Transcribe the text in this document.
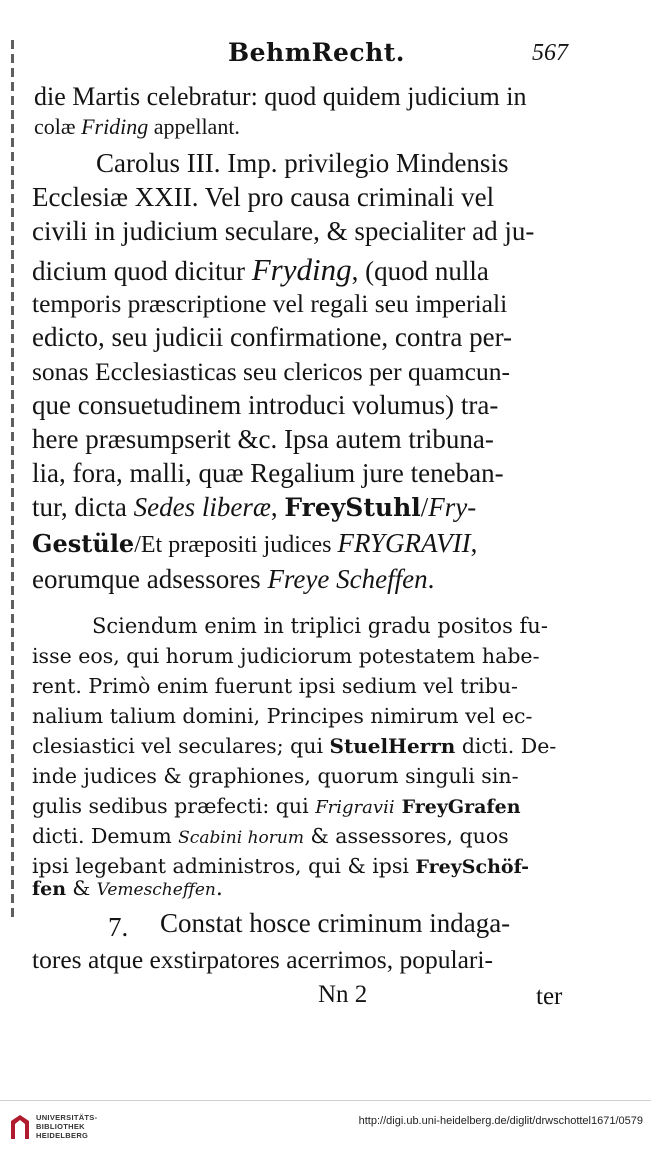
BehmRecht.	567
die Martis celebratur: quod quidem judicium in
colæ Friding appellant.
Carolus III. Imp. privilegio Mindensis
Ecclesiæ XXII. Vel pro causa criminali vel
civili in judicium seculare, & specialiter ad ju-
dicium quod dicitur Fryding, (quod nulla
temporis præscriptione vel regali seu imperiali
edicto, seu judicii confirmatione, contra per-
sonas Ecclesiasticas seu clericos per quamcun-
que consuetudinem introduci volumus) tra-
here præsumpserit &c. Ipsa autem tribuna-
lia, fora, malli, quæ Regalium jure teneban-
tur, dicta Sedes liberæ, FreyStuhl/Fry-
Gestüle/Et præpositi judices FRYGRAVII,
eorumque adsessores Freye Scheffen.
Sciendum enim in triplici gradu positos fu-
isse eos, qui horum judiciorum potestatem habe-
rent. Primò enim fuerunt ipsi sedium vel tribu-
nalium talium domini, Principes nimirum vel ec-
clesiastici vel seculares; qui StuelHerrn dicti. De-
inde judices & graphiones, quorum singuli sin-
gulis sedibus præfecti: qui Frigravii FreyGrafen
dicti. Demum Scabini horum & assessores, quos
ipsi legebant administros, qui & ipsi FreySchöf-
fen & Vemescheffen.
7. Constat hosce criminum indaga-
tores atque exstirpatores acerrimos, populari-
Nn 2	ter
UNIVERSITÄTS-
BIBLIOTHEK
HEIDELBERG
http://digi.ub.uni-heidelberg.de/diglit/drwschottel1671/0579
